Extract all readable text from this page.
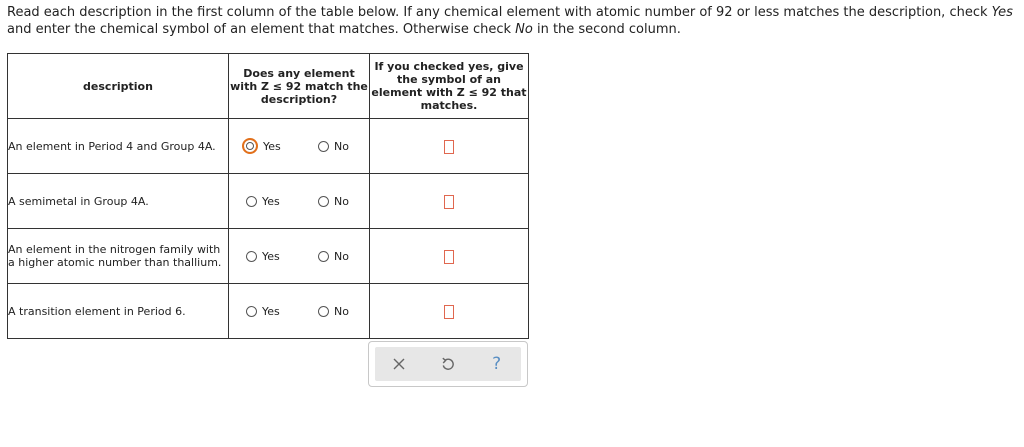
Read each description in the first column of the table below. If any chemical element with atomic number of 92 or less matches the description, check Yes and enter the chemical symbol of an element that matches. Otherwise check No in the second column.
description	Does any element with Z ≤ 92 match the description?	If you checked yes, give the symbol of an element with Z ≤ 92 that matches.
An element in Period 4 and Group 4A.	Yes No	

A semimetal in Group 4A.	Yes No	

An element in the nitrogen family with a higher atomic number than thallium.	Yes No	

A transition element in Period 6.	Yes No	

?
